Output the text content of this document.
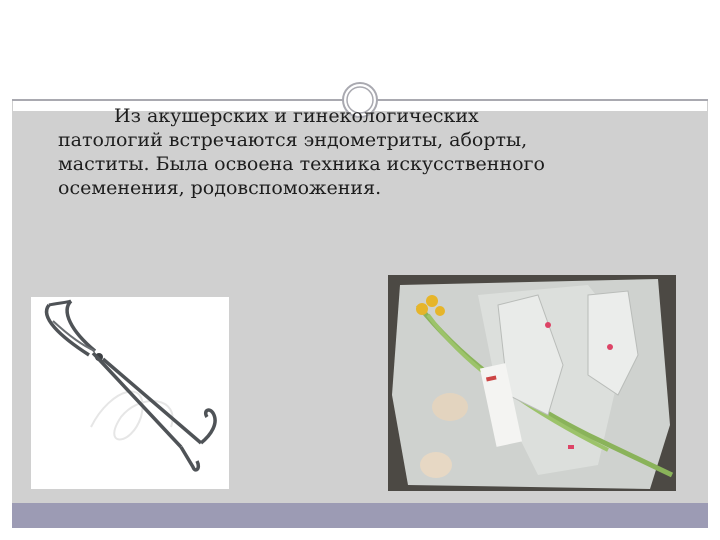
Из акушерских и гинекологических
патологий встречаются эндометриты, аборты,
маститы. Была освоена техника искусственного
осеменения, родовспоможения.
